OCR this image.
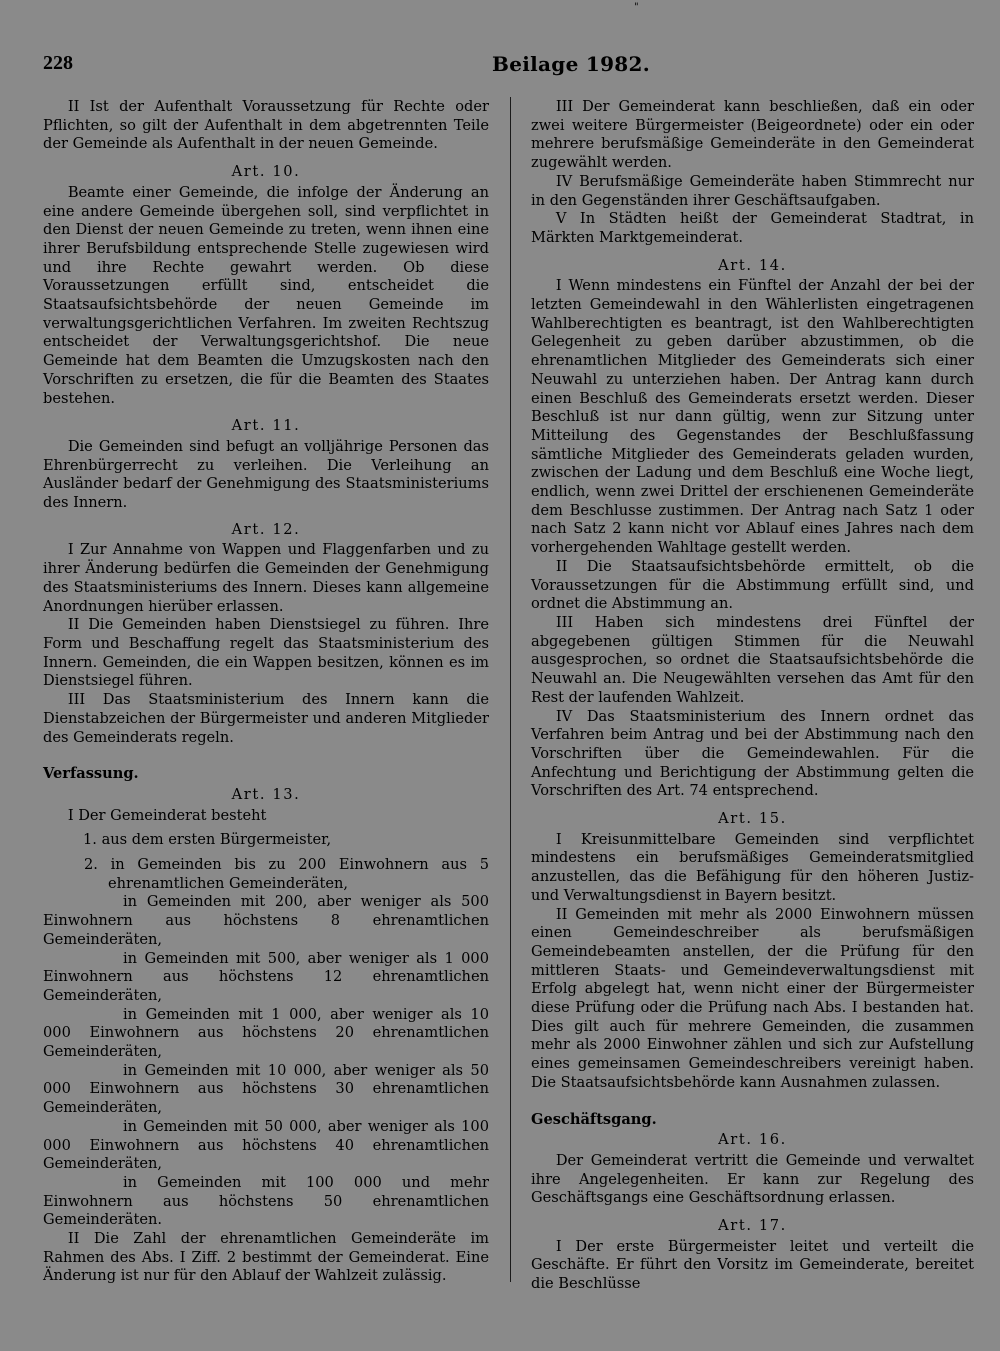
"
228	Beilage 1982.

II Ist der Aufenthalt Voraussetzung für Rechte oder Pflichten, so gilt der Aufenthalt in dem abgetrennten Teile der Gemeinde als Aufenthalt in der neuen Gemeinde.

Art. 10.

Beamte einer Gemeinde, die infolge der Änderung an eine andere Gemeinde übergehen soll, sind verpflichtet in den Dienst der neuen Gemeinde zu treten, wenn ihnen eine ihrer Berufsbildung entsprechende Stelle zugewiesen wird und ihre Rechte gewahrt werden. Ob diese Voraussetzungen erfüllt sind, entscheidet die Staatsaufsichtsbehörde der neuen Gemeinde im verwaltungsgerichtlichen Verfahren. Im zweiten Rechtszug entscheidet der Verwaltungsgerichtshof. Die neue Gemeinde hat dem Beamten die Umzugskosten nach den Vorschriften zu ersetzen, die für die Beamten des Staates bestehen.

Art. 11.

Die Gemeinden sind befugt an volljährige Personen das Ehrenbürgerrecht zu verleihen. Die Verleihung an Ausländer bedarf der Genehmigung des Staatsministeriums des Innern.

Art. 12.

I Zur Annahme von Wappen und Flaggenfarben und zu ihrer Änderung bedürfen die Gemeinden der Genehmigung des Staatsministeriums des Innern. Dieses kann allgemeine Anordnungen hierüber erlassen.

II Die Gemeinden haben Dienstsiegel zu führen. Ihre Form und Beschaffung regelt das Staatsministerium des Innern. Gemeinden, die ein Wappen besitzen, können es im Dienstsiegel führen.

III Das Staatsministerium des Innern kann die Dienstabzeichen der Bürgermeister und anderen Mitglieder des Gemeinderats regeln.

Verfassung.
Art. 13.

I Der Gemeinderat besteht

1. aus dem ersten Bürgermeister,

2. in Gemeinden bis zu 200 Einwohnern aus 5 ehrenamtlichen Gemeinderäten,

in Gemeinden mit 200, aber weniger als 500 Einwohnern aus höchstens 8 ehrenamtlichen Gemeinderäten,

in Gemeinden mit 500, aber weniger als 1 000 Einwohnern aus höchstens 12 ehrenamtlichen Gemeinderäten,

in Gemeinden mit 1 000, aber weniger als 10 000 Einwohnern aus höchstens 20 ehrenamtlichen Gemeinderäten,

in Gemeinden mit 10 000, aber weniger als 50 000 Einwohnern aus höchstens 30 ehrenamtlichen Gemeinderäten,

in Gemeinden mit 50 000, aber weniger als 100 000 Einwohnern aus höchstens 40 ehrenamtlichen Gemeinderäten,

in Gemeinden mit 100 000 und mehr Einwohnern aus höchstens 50 ehrenamtlichen Gemeinderäten.

II Die Zahl der ehrenamtlichen Gemeinderäte im Rahmen des Abs. I Ziff. 2 bestimmt der Gemeinderat. Eine Änderung ist nur für den Ablauf der Wahlzeit zulässig.

III Der Gemeinderat kann beschließen, daß ein oder zwei weitere Bürgermeister (Beigeordnete) oder ein oder mehrere berufsmäßige Gemeinderäte in den Gemeinderat zugewählt werden.

IV Berufsmäßige Gemeinderäte haben Stimmrecht nur in den Gegenständen ihrer Geschäftsaufgaben.

V In Städten heißt der Gemeinderat Stadtrat, in Märkten Marktgemeinderat.

Art. 14.

I Wenn mindestens ein Fünftel der Anzahl der bei der letzten Gemeindewahl in den Wählerlisten eingetragenen Wahlberechtigten es beantragt, ist den Wahlberechtigten Gelegenheit zu geben darüber abzustimmen, ob die ehrenamtlichen Mitglieder des Gemeinderats sich einer Neuwahl zu unterziehen haben. Der Antrag kann durch einen Beschluß des Gemeinderats ersetzt werden. Dieser Beschluß ist nur dann gültig, wenn zur Sitzung unter Mitteilung des Gegenstandes der Beschlußfassung sämtliche Mitglieder des Gemeinderats geladen wurden, zwischen der Ladung und dem Beschluß eine Woche liegt, endlich, wenn zwei Drittel der erschienenen Gemeinderäte dem Beschlusse zustimmen. Der Antrag nach Satz 1 oder nach Satz 2 kann nicht vor Ablauf eines Jahres nach dem vorhergehenden Wahltage gestellt werden.

II Die Staatsaufsichtsbehörde ermittelt, ob die Voraussetzungen für die Abstimmung erfüllt sind, und ordnet die Abstimmung an.

III Haben sich mindestens drei Fünftel der abgegebenen gültigen Stimmen für die Neuwahl ausgesprochen, so ordnet die Staatsaufsichtsbehörde die Neuwahl an. Die Neugewählten versehen das Amt für den Rest der laufenden Wahlzeit.

IV Das Staatsministerium des Innern ordnet das Verfahren beim Antrag und bei der Abstimmung nach den Vorschriften über die Gemeindewahlen. Für die Anfechtung und Berichtigung der Abstimmung gelten die Vorschriften des Art. 74 entsprechend.

Art. 15.

I Kreisunmittelbare Gemeinden sind verpflichtet mindestens ein berufsmäßiges Gemeinderatsmitglied anzustellen, das die Befähigung für den höheren Justiz- und Verwaltungsdienst in Bayern besitzt.

II Gemeinden mit mehr als 2000 Einwohnern müssen einen Gemeindeschreiber als berufsmäßigen Gemeindebeamten anstellen, der die Prüfung für den mittleren Staats- und Gemeindeverwaltungsdienst mit Erfolg abgelegt hat, wenn nicht einer der Bürgermeister diese Prüfung oder die Prüfung nach Abs. I bestanden hat. Dies gilt auch für mehrere Gemeinden, die zusammen mehr als 2000 Einwohner zählen und sich zur Aufstellung eines gemeinsamen Gemeindeschreibers vereinigt haben. Die Staatsaufsichtsbehörde kann Ausnahmen zulassen.

Geschäftsgang.
Art. 16.

Der Gemeinderat vertritt die Gemeinde und verwaltet ihre Angelegenheiten. Er kann zur Regelung des Geschäftsgangs eine Geschäftsordnung erlassen.

Art. 17.

I Der erste Bürgermeister leitet und verteilt die Geschäfte. Er führt den Vorsitz im Gemeinderate, bereitet die Beschlüsse
